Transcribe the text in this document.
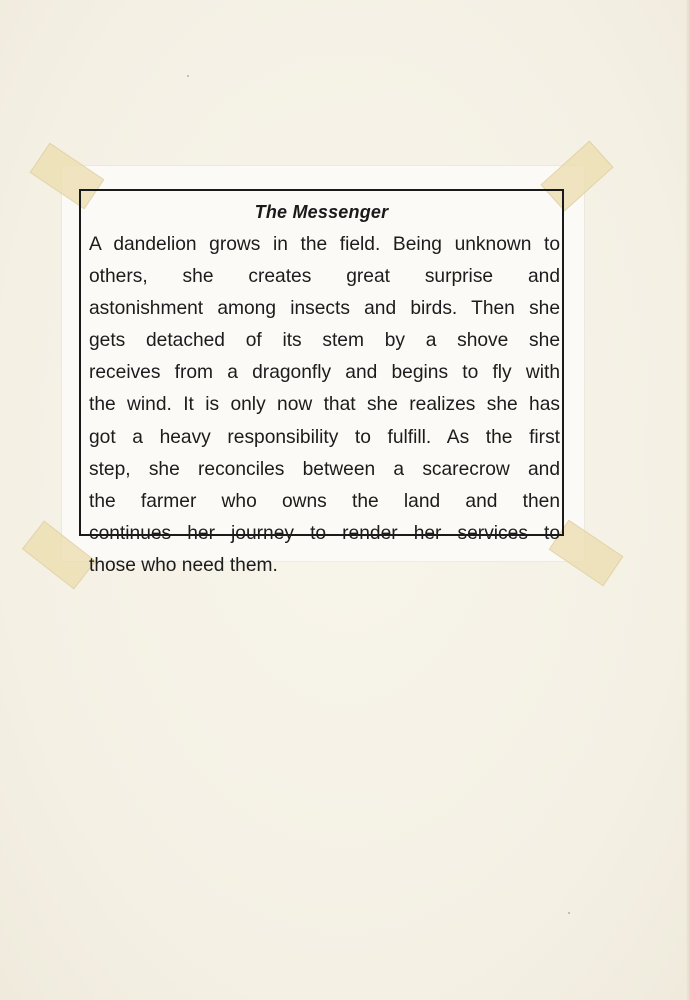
The Messenger

A dandelion grows in the field. Being unknown to
others, she creates great surprise and
astonishment among insects and birds. Then she
gets detached of its stem by a shove she
receives from a dragonfly and begins to fly with
the wind. It is only now that she realizes she has
got a heavy responsibility to fulfill. As the first
step, she reconciles between a scarecrow and
the farmer who owns the land and then
continues her journey to render her services to
those who need them.
